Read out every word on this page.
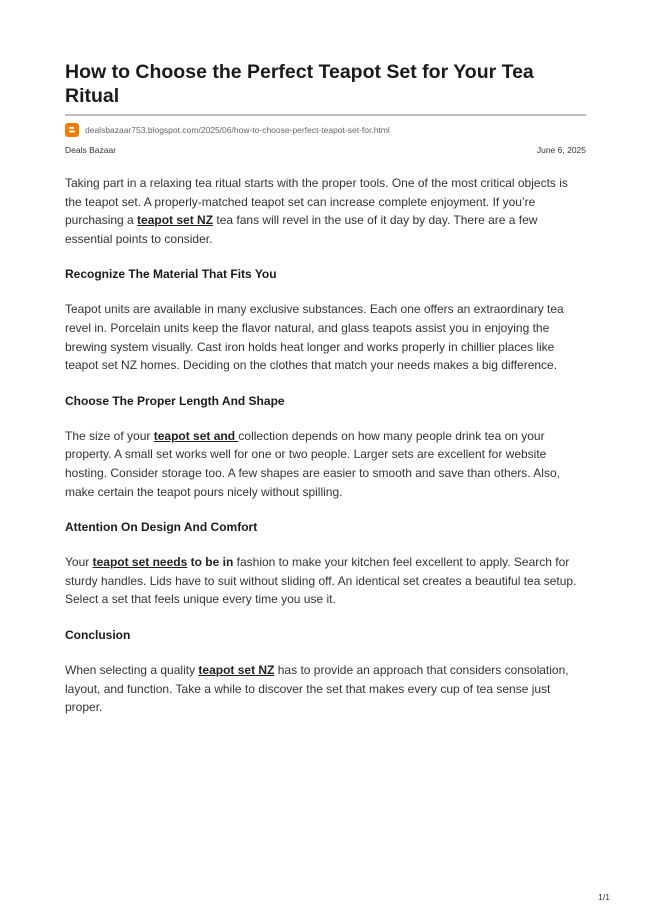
How to Choose the Perfect Teapot Set for Your Tea Ritual
dealsbazaar753.blogspot.com/2025/06/how-to-choose-perfect-teapot-set-for.html
Deals Bazaar	June 6, 2025

Taking part in a relaxing tea ritual starts with the proper tools. One of the most critical objects is the teapot set. A properly-matched teapot set can increase complete enjoyment. If you’re purchasing a teapot set NZ tea fans will revel in the use of it day by day. There are a few essential points to consider.

Recognize The Material That Fits You

Teapot units are available in many exclusive substances. Each one offers an extraordinary tea revel in. Porcelain units keep the flavor natural, and glass teapots assist you in enjoying the brewing system visually. Cast iron holds heat longer and works properly in chillier places like teapot set NZ homes. Deciding on the clothes that match your needs makes a big difference.

Choose The Proper Length And Shape

The size of your teapot set and collection depends on how many people drink tea on your property. A small set works well for one or two people. Larger sets are excellent for website hosting. Consider storage too. A few shapes are easier to smooth and save than others. Also, make certain the teapot pours nicely without spilling.

Attention On Design And Comfort

Your teapot set needs to be in fashion to make your kitchen feel excellent to apply. Search for sturdy handles. Lids have to suit without sliding off. An identical set creates a beautiful tea setup. Select a set that feels unique every time you use it.

Conclusion

When selecting a quality teapot set NZ has to provide an approach that considers consolation, layout, and function. Take a while to discover the set that makes every cup of tea sense just proper.

1/1
